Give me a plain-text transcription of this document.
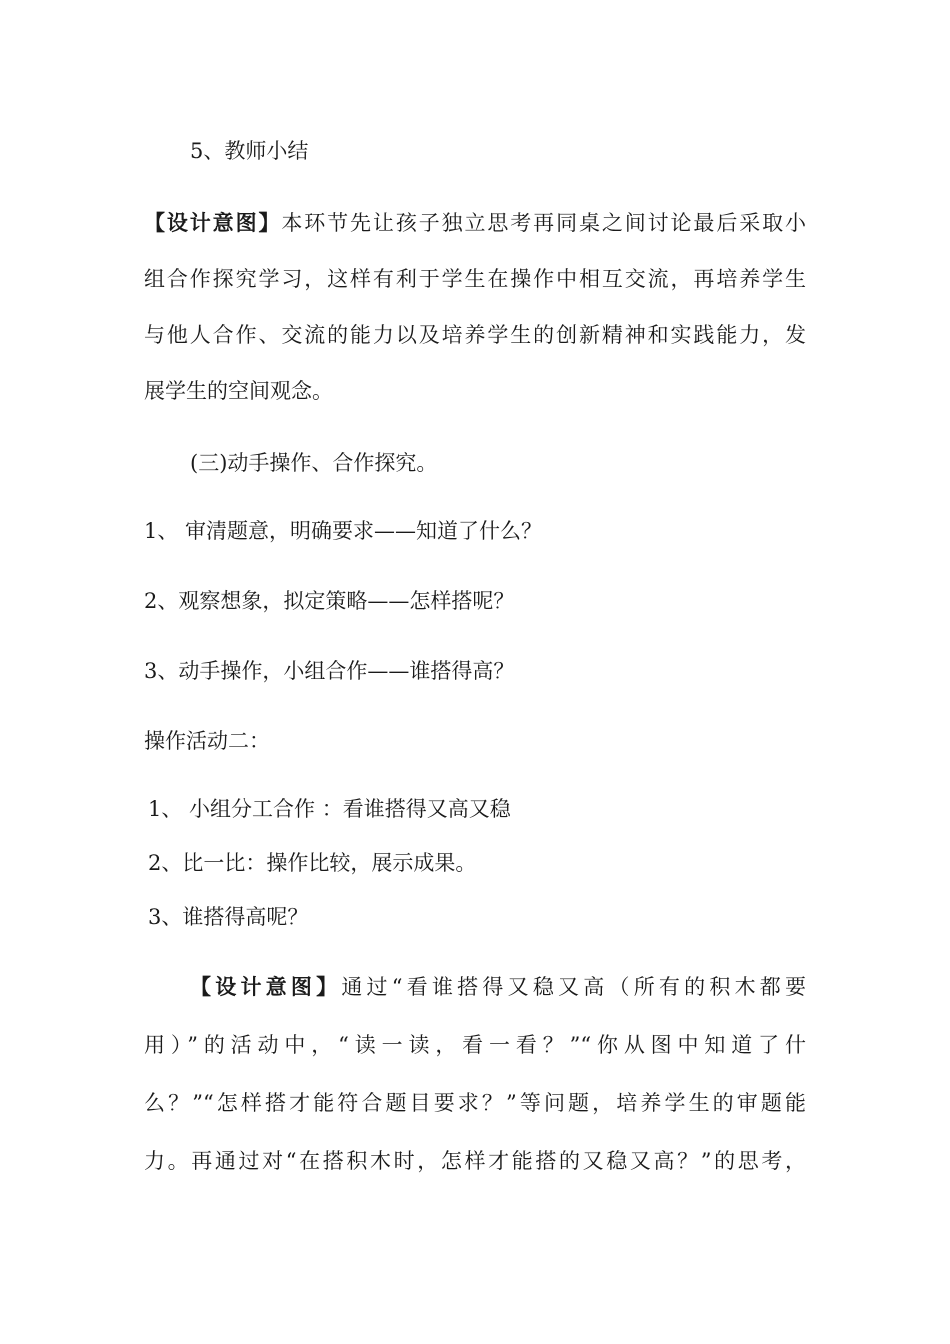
5、教师小结
【设计意图】本环节先让孩子独立思考再同桌之间讨论最后采取小
组合作探究学习，这样有利于学生在操作中相互交流，再培养学生
与他人合作、交流的能力以及培养学生的创新精神和实践能力，发
展学生的空间观念。
(三)动手操作、合作探究。
1、 审清题意，明确要求——知道了什么？
2、观察想象，拟定策略——怎样搭呢？
3、动手操作，小组合作——谁搭得高？
操作活动二：
1、 小组分工合作 ：看谁搭得又高又稳
2、比一比：操作比较，展示成果。
3、谁搭得高呢？
【设计意图】通过“看谁搭得又稳又高（所有的积木都要
用）”的活动中，“读一读，看一看？”“你从图中知道了什
么？”“怎样搭才能符合题目要求？”等问题，培养学生的审题能
力。再通过对“在搭积木时，怎样才能搭的又稳又高？”的思考，
